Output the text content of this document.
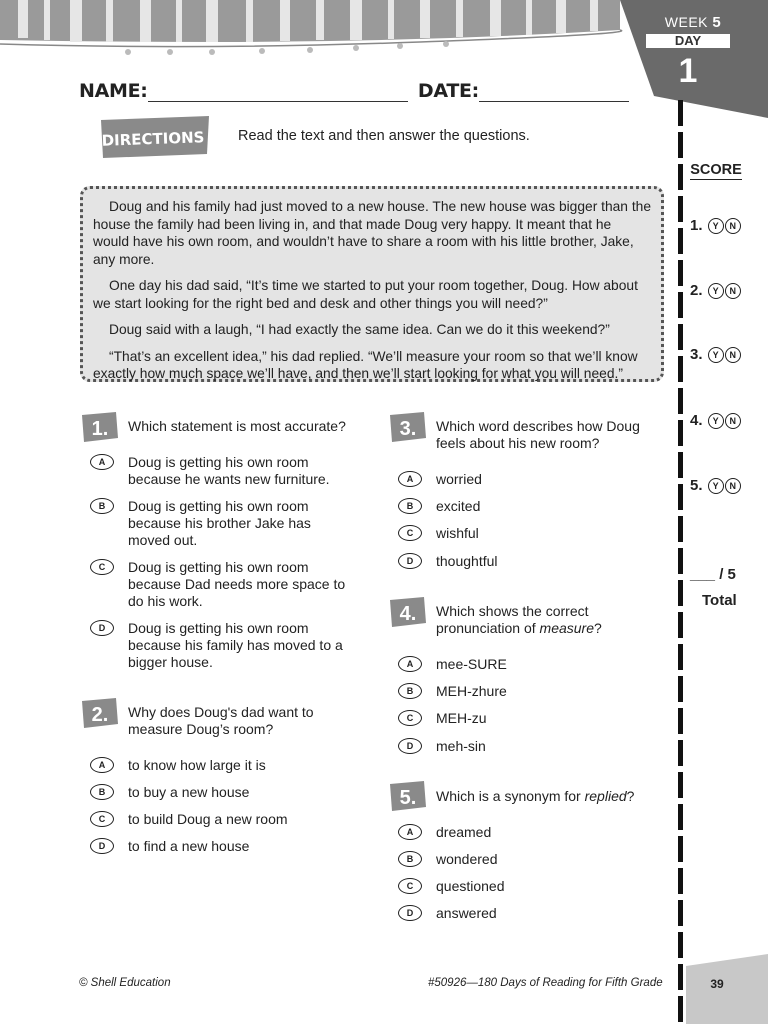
WEEK 5
DAY
1
NAME:	DATE:
DIRECTIONS Read the text and then answer the questions.

Doug and his family had just moved to a new house. The new house was bigger than the house the family had been living in, and that made Doug very happy. It meant that he would have his own room, and wouldn’t have to share a room with his little brother, Jake, any more.

One day his dad said, “It’s time we started to put your room together, Doug. How about we start looking for the right bed and desk and other things you will need?”

Doug said with a laugh, “I had exactly the same idea. Can we do it this weekend?”

“That’s an excellent idea,” his dad replied. “We’ll measure your room so that we’ll know exactly how much space we’ll have, and then we’ll start looking for what you will need.”

1. Which statement is most accurate?
A	Doug is getting his own room because he wants new furniture.
B	Doug is getting his own room because his brother Jake has moved out.
C	Doug is getting his own room because Dad needs more space to do his work.
D	Doug is getting his own room because his family has moved to a bigger house.
2. Why does Doug's dad want to measure Doug’s room?
A	to know how large it is
B	to buy a new house
C	to build Doug a new room
D	to find a new house
3. Which word describes how Doug feels about his new room?
A	worried
B	excited
C	wishful
D	thoughtful
4. Which shows the correct pronunciation of measure?
A	mee-SURE
B	MEH-zhure
C	MEH-zu
D	meh-sin
5. Which is a synonym for replied?
A	dreamed
B	wondered
C	questioned
D	answered
SCORE
1. Y N
2. Y N
3. Y N
4. Y N
5. Y N
___ / 5
Total
© Shell Education	#50926—180 Days of Reading for Fifth Grade	39
